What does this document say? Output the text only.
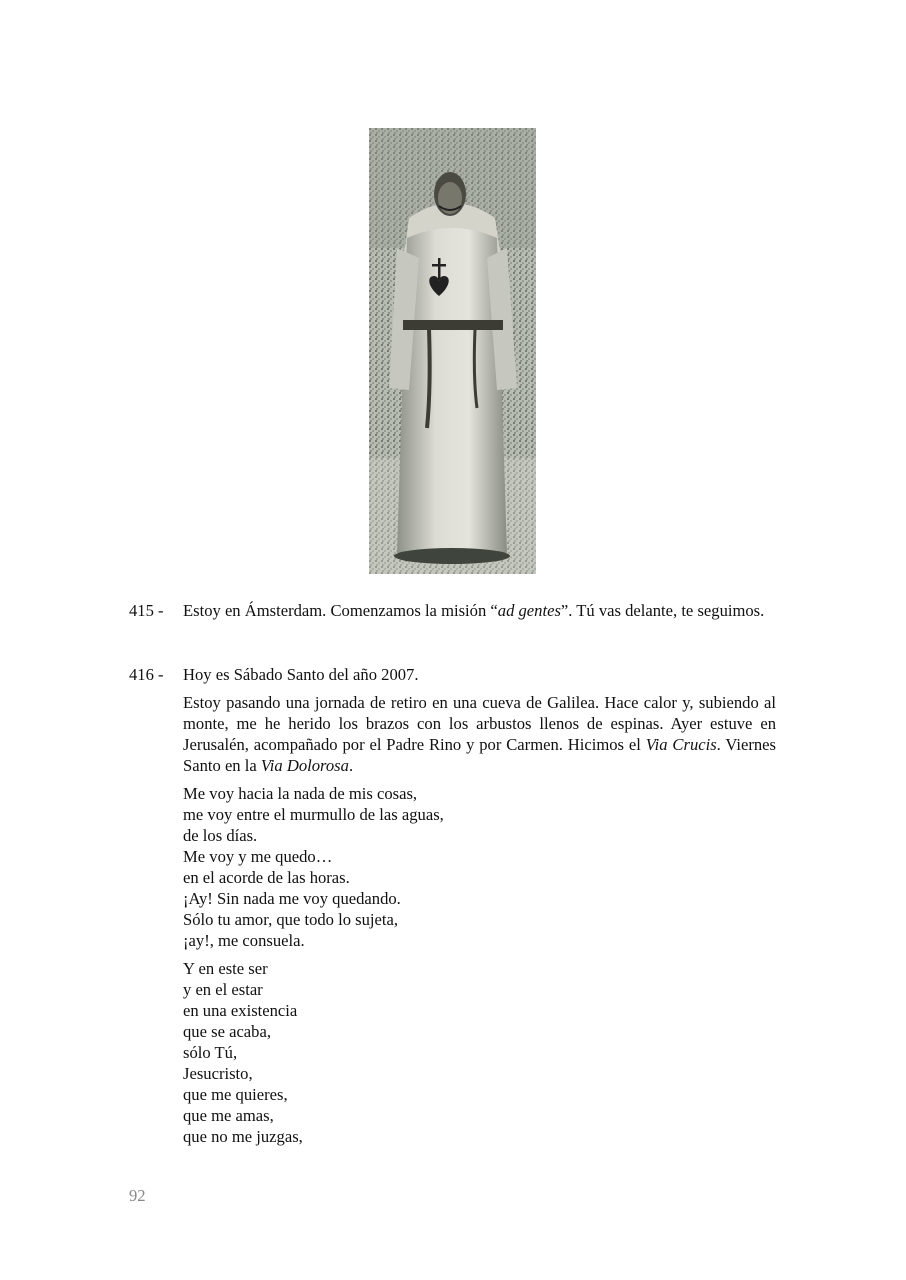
415 -	Estoy en Ámsterdam. Comenzamos la misión “ad gentes”. Tú vas delante, te seguimos.

416 -	Hoy es Sábado Santo del año 2007.

Estoy pasando una jornada de retiro en una cueva de Galilea. Hace calor y, subiendo al monte, me he herido los brazos con los arbustos llenos de espinas. Ayer estuve en Jerusalén, acompañado por el Padre Rino y por Carmen. Hicimos el Via Crucis. Viernes Santo en la Via Dolorosa.

Me voy hacia la nada de mis cosas,
me voy entre el murmullo de las aguas,
de los días.
Me voy y me quedo…
en el acorde de las horas.
¡Ay! Sin nada me voy quedando.
Sólo tu amor, que todo lo sujeta,
¡ay!, me consuela.
Y en este ser
y en el estar
en una existencia
que se acaba,
sólo Tú,
Jesucristo,
que me quieres,
que me amas,
que no me juzgas,
92
